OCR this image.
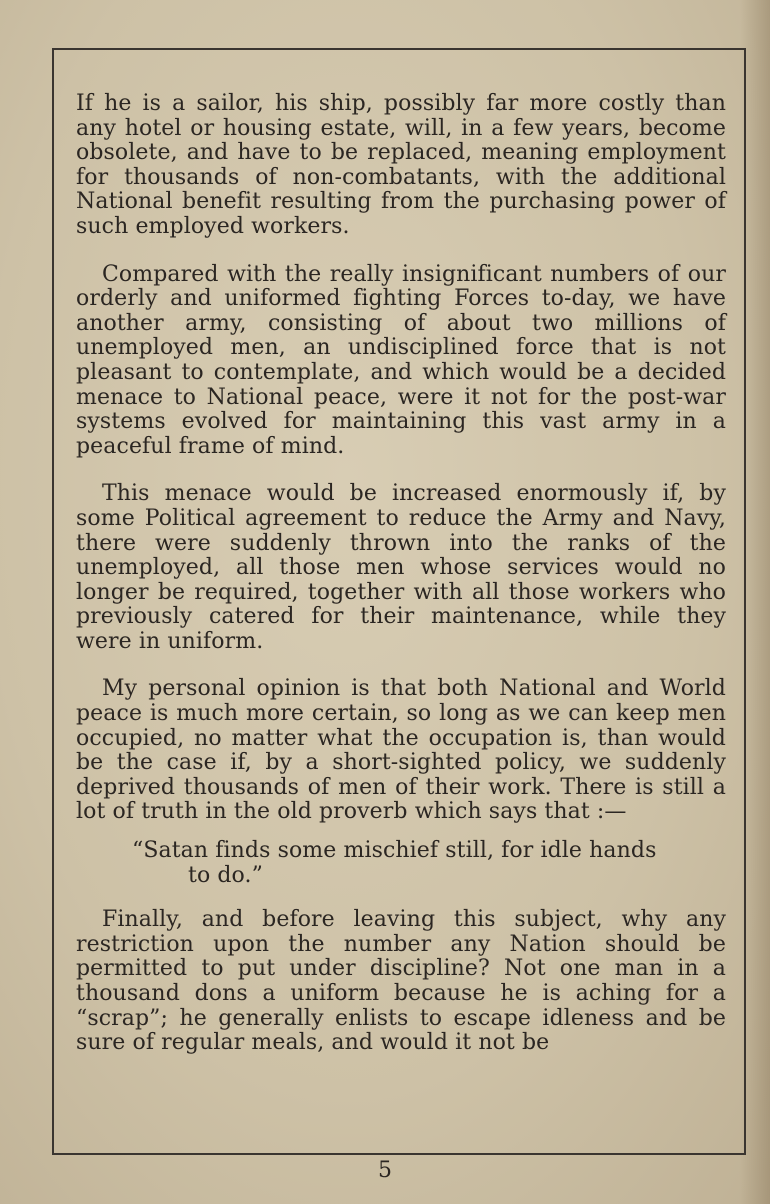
If he is a sailor, his ship, possibly far more costly than any hotel or housing estate, will, in a few years, become obsolete, and have to be replaced, meaning employment for thousands of non-combatants, with the additional National benefit resulting from the purchasing power of such employed workers.

Compared with the really insignificant numbers of our orderly and uniformed fighting Forces to-day, we have another army, consisting of about two millions of unemployed men, an undisciplined force that is not pleasant to contemplate, and which would be a decided menace to National peace, were it not for the post-war systems evolved for maintaining this vast army in a peaceful frame of mind.

This menace would be increased enormously if, by some Political agreement to reduce the Army and Navy, there were suddenly thrown into the ranks of the unemployed, all those men whose services would no longer be required, together with all those workers who previously catered for their maintenance, while they were in uniform.

My personal opinion is that both National and World peace is much more certain, so long as we can keep men occupied, no matter what the occupation is, than would be the case if, by a short-sighted policy, we suddenly deprived thousands of men of their work. There is still a lot of truth in the old proverb which says that :—

“Satan finds some mischief still, for idle hands
to do.”

Finally, and before leaving this subject, why any restriction upon the number any Nation should be permitted to put under discipline? Not one man in a thousand dons a uniform because he is aching for a “scrap”; he generally enlists to escape idleness and be sure of regular meals, and would it not be

5
